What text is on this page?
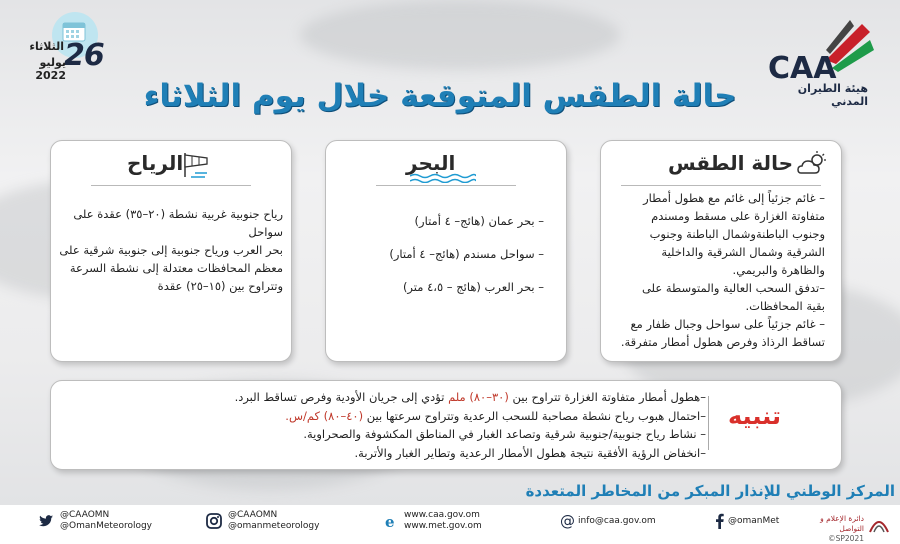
26
الثلاثاء
يوليو 2022	CAA
هيئة الطيران المدني
حالة الطقس المتوقعة خلال يوم الثلاثاء
حالة الطقس

– غائم جزئياً إلى غائم مع هطول أمطار

متفاوتة الغزارة على مسقط ومسندم

وجنوب الباطنةوشمال الباطنة وجنوب

الشرقية وشمال الشرقية والداخلية

والظاهرة والبريمي.

–تدفق السحب العالية والمتوسطة على

بقية المحافظات.

– غائم جزئياً على سواحل وجبال ظفار مع

تساقط الرذاذ وفرص هطول أمطار متفرقة.

البحر

– بحر عمان (هائج– ٤ أمتار)

– سواحل مسندم (هائج– ٤ أمتار)

– بحر العرب (هائج – ٤،٥ متر)

الرياح

رياح جنوبية غربية نشطة (٢٠–٣٥) عقدة على سواحل

بحر العرب ورياح جنوبية إلى جنوبية شرقية على

معظم المحافظات معتدلة إلى نشطة السرعة

وتتراوح بين (١٥–٢٥) عقدة

تنبيه

–هطول أمطار متفاوتة الغزارة تتراوح بين (٣٠–٨٠) ملم تؤدي إلى جريان الأودية وفرص تساقط البرد.

–احتمال هبوب رياح نشطة مصاحبة للسحب الرعدية وتتراوح سرعتها بين (٤٠–٨٠) كم/س.

– نشاط رياح جنوبية/جنوبية شرقية وتصاعد الغبار في المناطق المكشوفة والصحراوية.

–انخفاض الرؤية الأفقية نتيجة هطول الأمطار الرعدية وتطاير الغبار والأتربة.

المركز الوطني للإنذار المبكر من المخاطر المتعددة
@CAAOMN
@OmanMeteorology
@CAAOMN
@omanmeteorology	e www.caa.gov.om
www.met.gov.om	@ info@caa.gov.om	@omanMet	دائرة الإعلام و التواصل
©SP2021
